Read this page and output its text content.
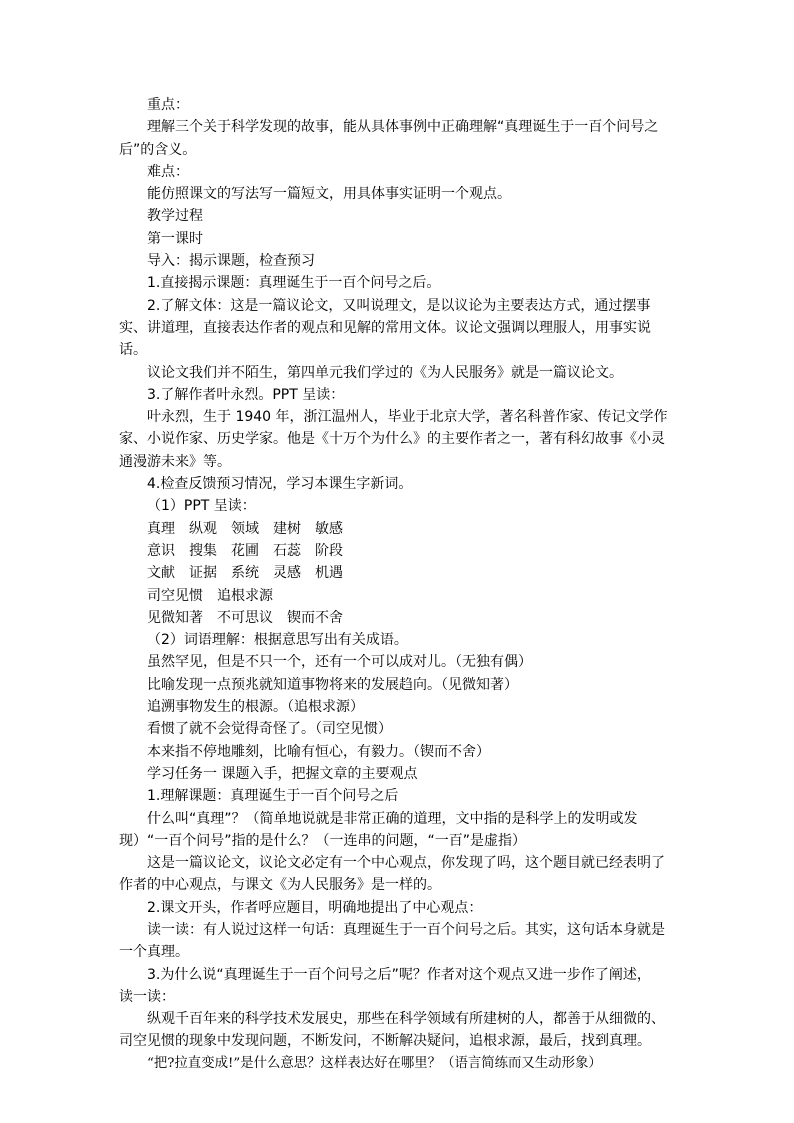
重点：
理解三个关于科学发现的故事，能从具体事例中正确理解“真理诞生于一百个问号之
后”的含义。
难点：
能仿照课文的写法写一篇短文，用具体事实证明一个观点。
教学过程
第一课时
导入：揭示课题，检查预习
1.直接揭示课题：真理诞生于一百个问号之后。
2.了解文体：这是一篇议论文，又叫说理文，是以议论为主要表达方式，通过摆事
实、讲道理，直接表达作者的观点和见解的常用文体。议论文强调以理服人，用事实说
话。
议论文我们并不陌生，第四单元我们学过的《为人民服务》就是一篇议论文。
3.了解作者叶永烈。PPT 呈读：
叶永烈，生于 1940 年，浙江温州人，毕业于北京大学，著名科普作家、传记文学作
家、小说作家、历史学家。他是《十万个为什么》的主要作者之一，著有科幻故事《小灵
通漫游未来》等。
4.检查反馈预习情况，学习本课生字新词。
（1）PPT 呈读：
真理　纵观　领域　建树　敏感
意识　搜集　花圃　石蕊　阶段
文献　证据　系统　灵感　机遇
司空见惯　追根求源
见微知著　不可思议　锲而不舍
（2）词语理解：根据意思写出有关成语。
虽然罕见，但是不只一个，还有一个可以成对儿。（无独有偶）
比喻发现一点预兆就知道事物将来的发展趋向。（见微知著）
追溯事物发生的根源。（追根求源）
看惯了就不会觉得奇怪了。（司空见惯）
本来指不停地雕刻，比喻有恒心，有毅力。（锲而不舍）
学习任务一 课题入手，把握文章的主要观点
1.理解课题：真理诞生于一百个问号之后
什么叫“真理”？（简单地说就是非常正确的道理，文中指的是科学上的发明或发
现）“一百个问号”指的是什么？（一连串的问题，“一百”是虚指）
这是一篇议论文，议论文必定有一个中心观点，你发现了吗，这个题目就已经表明了
作者的中心观点，与课文《为人民服务》是一样的。
2.课文开头，作者呼应题目，明确地提出了中心观点：
读一读：有人说过这样一句话：真理诞生于一百个问号之后。其实，这句话本身就是
一个真理。
3.为什么说“真理诞生于一百个问号之后”呢？作者对这个观点又进一步作了阐述，
读一读：
纵观千百年来的科学技术发展史，那些在科学领域有所建树的人，都善于从细微的、
司空见惯的现象中发现问题，不断发问，不断解决疑问，追根求源，最后，找到真理。
“把?拉直变成!”是什么意思？这样表达好在哪里？（语言简练而又生动形象）
